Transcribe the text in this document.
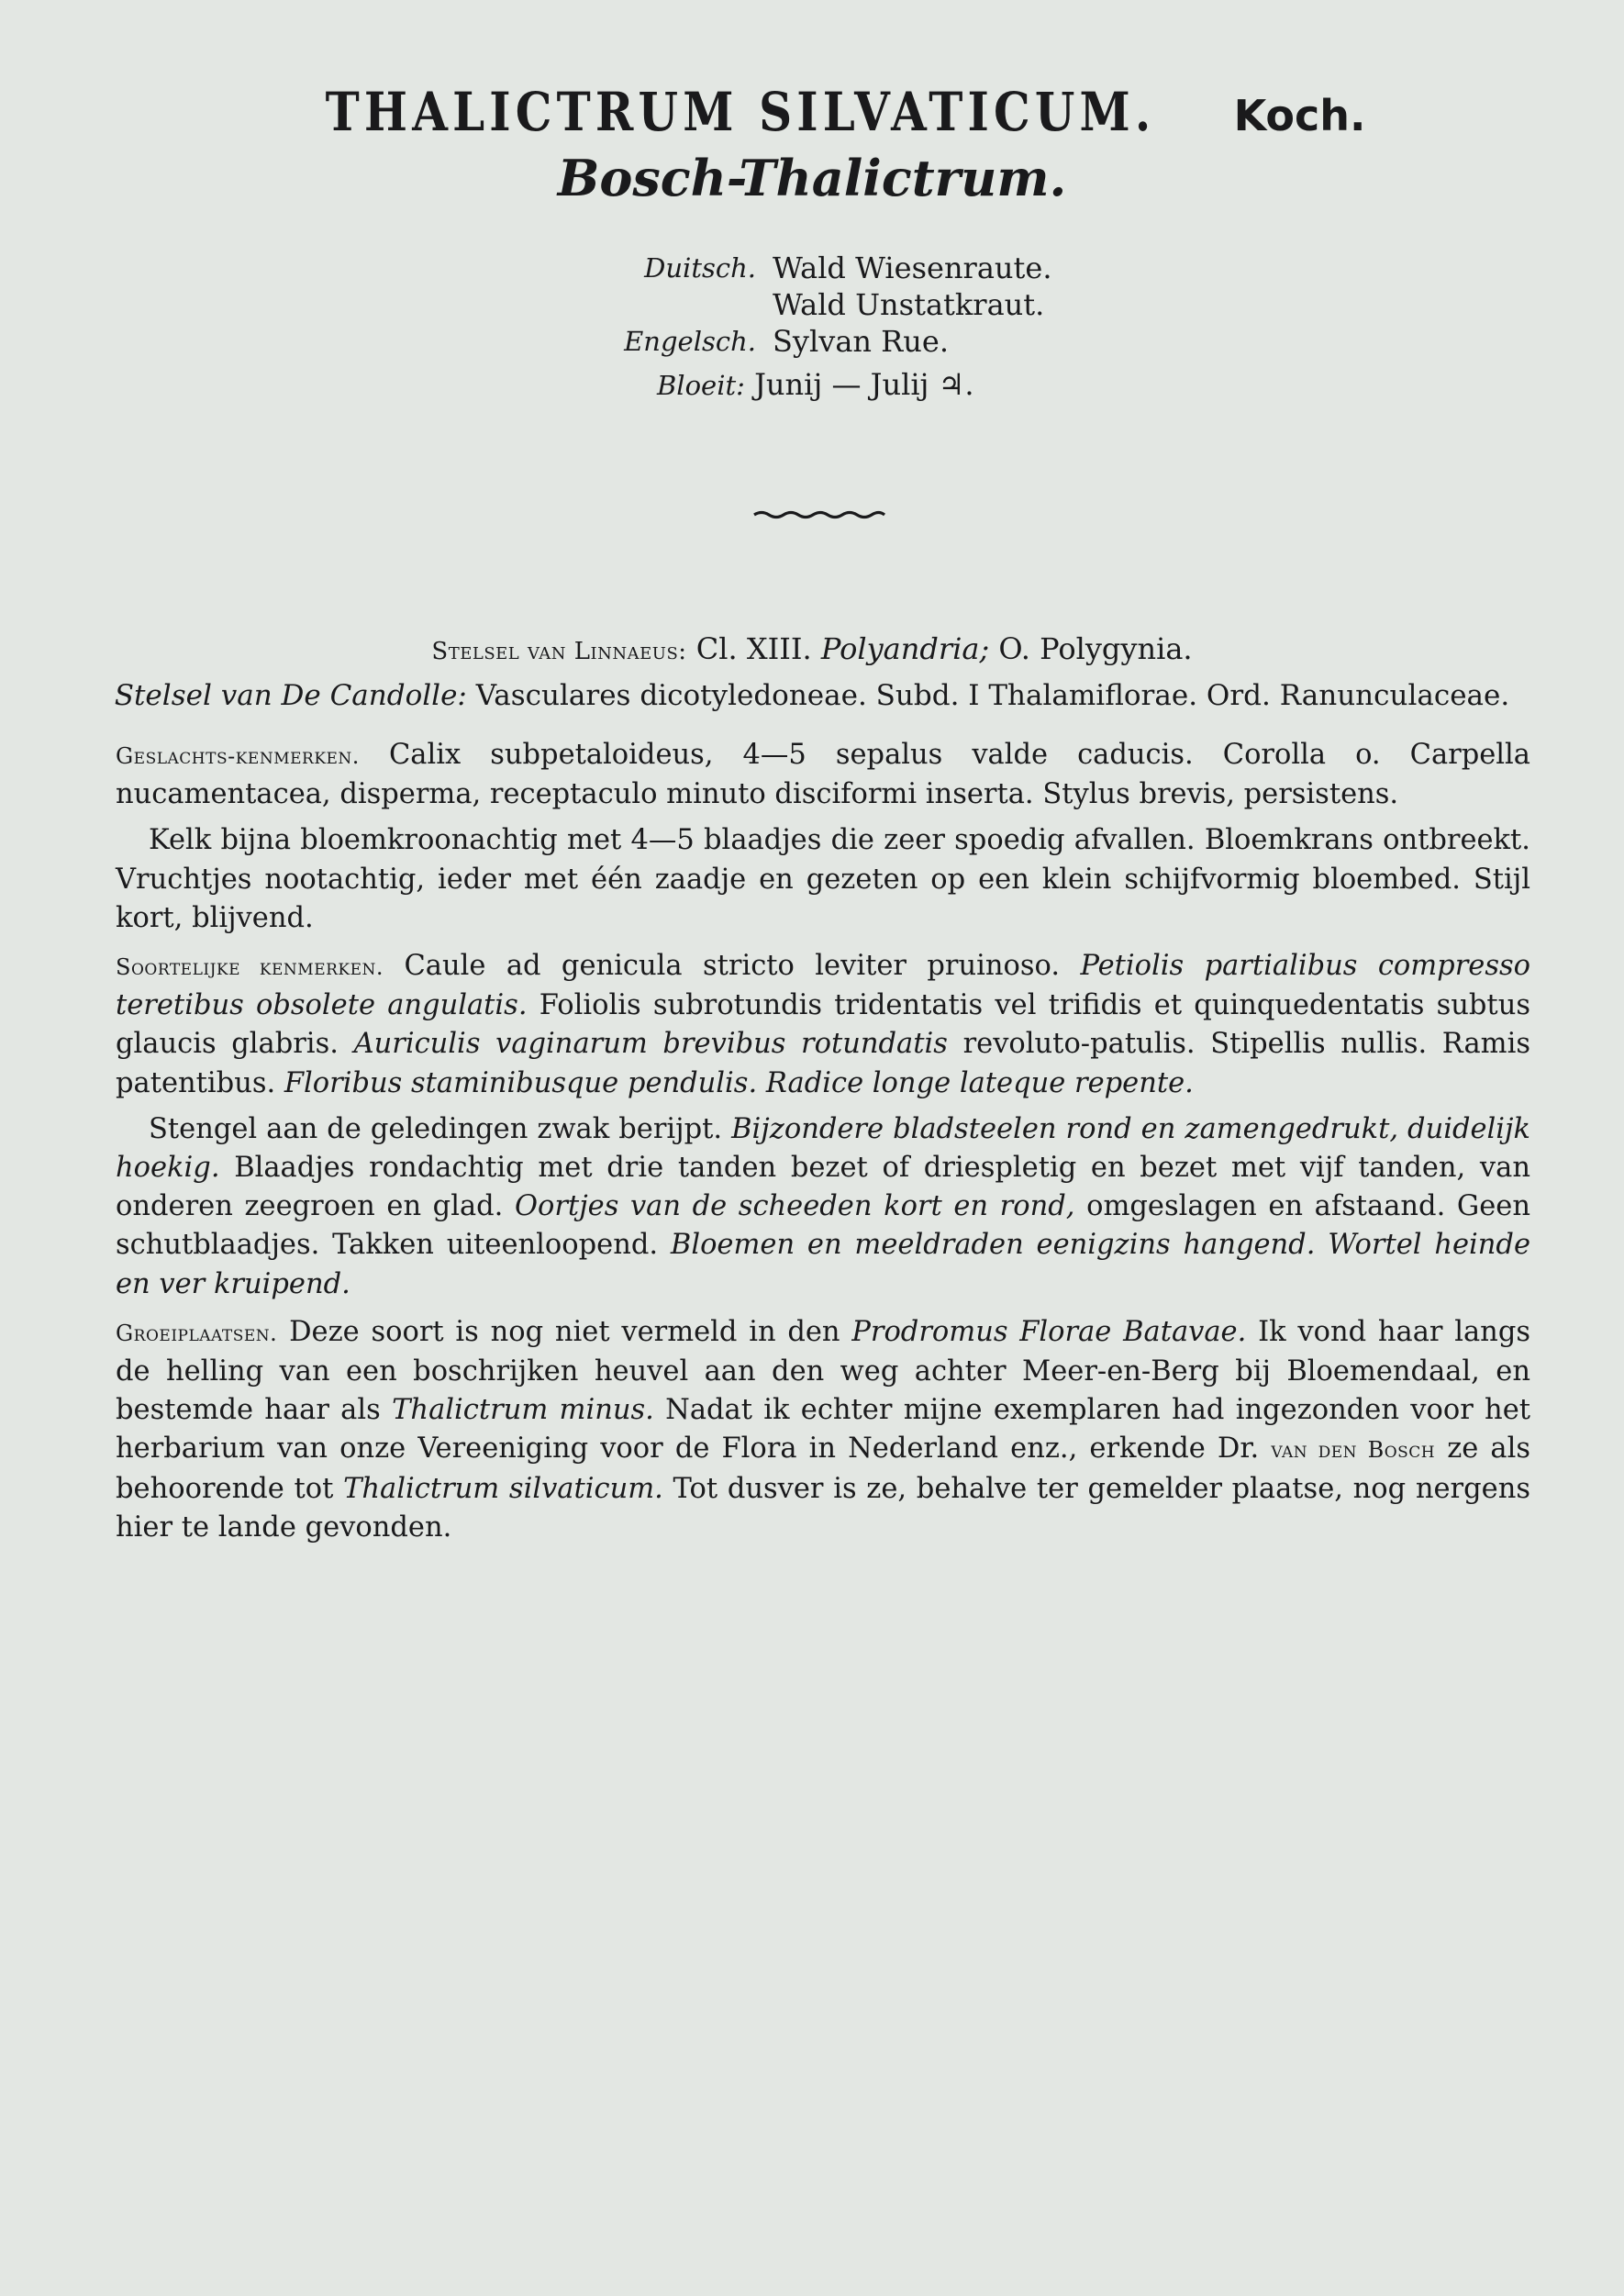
THALICTRUM SILVATICUM. Koch.
Bosch-Thalictrum.
Duitsch. Wald Wiesenraute.
Wald Unstatkraut.
Engelsch. Sylvan Rue.
Bloeit: Junij — Julij ♃.
Stelsel van Linnaeus: Cl. XIII. Polyandria; O. Polygynia.
Stelsel van De Candolle: Vasculares dicotyledoneae. Subd. I Thalamiflorae. Ord. Ranunculaceae.

Geslachts-kenmerken. Calix subpetaloideus, 4—5 sepalus valde caducis. Corolla o. Carpella nucamentacea, disperma, receptaculo minuto disciformi inserta. Stylus brevis, persistens.

Kelk bijna bloemkroonachtig met 4—5 blaadjes die zeer spoedig afvallen. Bloemkrans ontbreekt. Vruchtjes nootachtig, ieder met één zaadje en gezeten op een klein schijfvormig bloembed. Stijl kort, blijvend.

Soortelijke kenmerken. Caule ad genicula stricto leviter pruinoso. Petiolis partialibus compresso teretibus obsolete angulatis. Foliolis subrotundis tridentatis vel trifidis et quinquedentatis subtus glaucis glabris. Auriculis vaginarum brevibus rotundatis revoluto-patulis. Stipellis nullis. Ramis patentibus. Floribus staminibusque pendulis. Radice longe lateque repente.

Stengel aan de geledingen zwak berijpt. Bijzondere bladsteelen rond en zamengedrukt, duidelijk hoekig. Blaadjes rondachtig met drie tanden bezet of driespletig en bezet met vijf tanden, van onderen zeegroen en glad. Oortjes van de scheeden kort en rond, omgeslagen en afstaand. Geen schutblaadjes. Takken uiteenloopend. Bloemen en meeldraden eenigzins hangend. Wortel heinde en ver kruipend.

Groeiplaatsen. Deze soort is nog niet vermeld in den Prodromus Florae Batavae. Ik vond haar langs de helling van een boschrijken heuvel aan den weg achter Meer-en-Berg bij Bloemendaal, en bestemde haar als Thalictrum minus. Nadat ik echter mijne exemplaren had ingezonden voor het herbarium van onze Vereeniging voor de Flora in Nederland enz., erkende Dr. van den Bosch ze als behoorende tot Thalictrum silvaticum. Tot dusver is ze, behalve ter gemelder plaatse, nog nergens hier te lande gevonden.
